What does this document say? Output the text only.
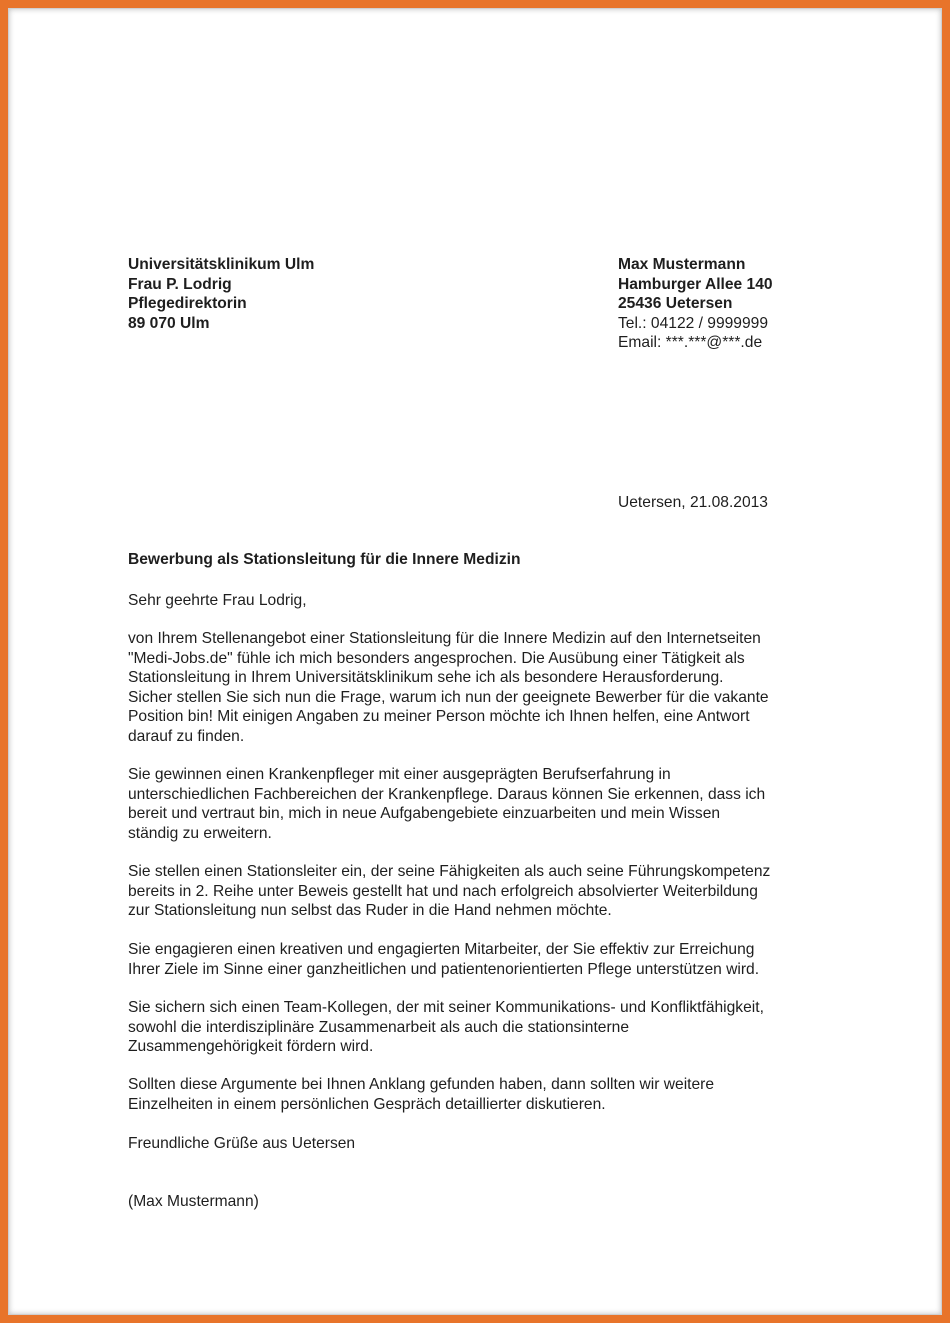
Universitätsklinikum Ulm
Frau P. Lodrig
Pflegedirektorin
89 070 Ulm
Max Mustermann
Hamburger Allee 140
25436 Uetersen
Tel.: 04122 / 9999999
Email: ***.***@***.de
Uetersen, 21.08.2013
Bewerbung als Stationsleitung für die Innere Medizin
Sehr geehrte Frau Lodrig,
von Ihrem Stellenangebot einer Stationsleitung für die Innere Medizin auf den Internetseiten
"Medi-Jobs.de" fühle ich mich besonders angesprochen. Die Ausübung einer Tätigkeit als
Stationsleitung in Ihrem Universitätsklinikum sehe ich als besondere Herausforderung.
Sicher stellen Sie sich nun die Frage, warum ich nun der geeignete Bewerber für die vakante
Position bin! Mit einigen Angaben zu meiner Person möchte ich Ihnen helfen, eine Antwort
darauf zu finden.
Sie gewinnen einen Krankenpfleger mit einer ausgeprägten Berufserfahrung in
unterschiedlichen Fachbereichen der Krankenpflege. Daraus können Sie erkennen, dass ich
bereit und vertraut bin, mich in neue Aufgabengebiete einzuarbeiten und mein Wissen
ständig zu erweitern.
Sie stellen einen Stationsleiter ein, der seine Fähigkeiten als auch seine Führungskompetenz
bereits in 2. Reihe unter Beweis gestellt hat und nach erfolgreich absolvierter Weiterbildung
zur Stationsleitung nun selbst das Ruder in die Hand nehmen möchte.
Sie engagieren einen kreativen und engagierten Mitarbeiter, der Sie effektiv zur Erreichung
Ihrer Ziele im Sinne einer ganzheitlichen und patientenorientierten Pflege unterstützen wird.
Sie sichern sich einen Team-Kollegen, der mit seiner Kommunikations- und Konfliktfähigkeit,
sowohl die interdisziplinäre Zusammenarbeit als auch die stationsinterne
Zusammengehörigkeit fördern wird.
Sollten diese Argumente bei Ihnen Anklang gefunden haben, dann sollten wir weitere
Einzelheiten in einem persönlichen Gespräch detaillierter diskutieren.
Freundliche Grüße aus Uetersen
(Max Mustermann)
